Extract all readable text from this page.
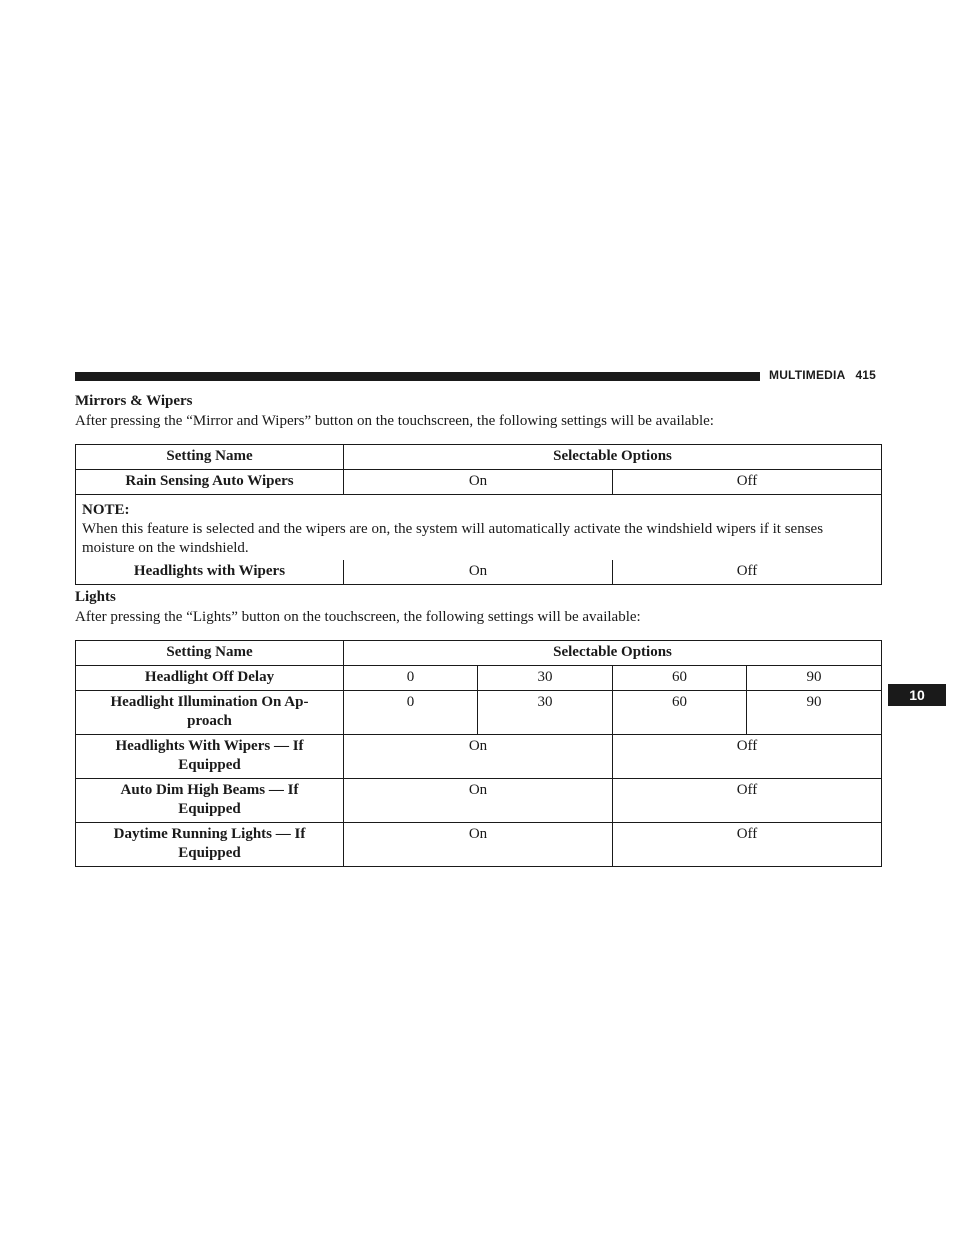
MULTIMEDIA 415
10
Mirrors & Wipers

After pressing the “Mirror and Wipers” button on the touchscreen, the following settings will be available:

Setting Name	Selectable Options	
Rain Sensing Auto Wipers	On	Off

NOTE:
When this feature is selected and the wipers are on, the system will automatically activate the windshield wipers if it senses moisture on the windshield.		
Headlights with Wipers	On	Off
Lights

After pressing the “Lights” button on the touchscreen, the following settings will be available:

Setting Name	Selectable Options			
Headlight Off Delay	0	30	60	90
Headlight Illumination On Ap-proach	0	30	60	90
Headlights With Wipers — If Equipped	On		Off	
Auto Dim High Beams — If Equipped	On		Off	
Daytime Running Lights — If Equipped	On		Off	
